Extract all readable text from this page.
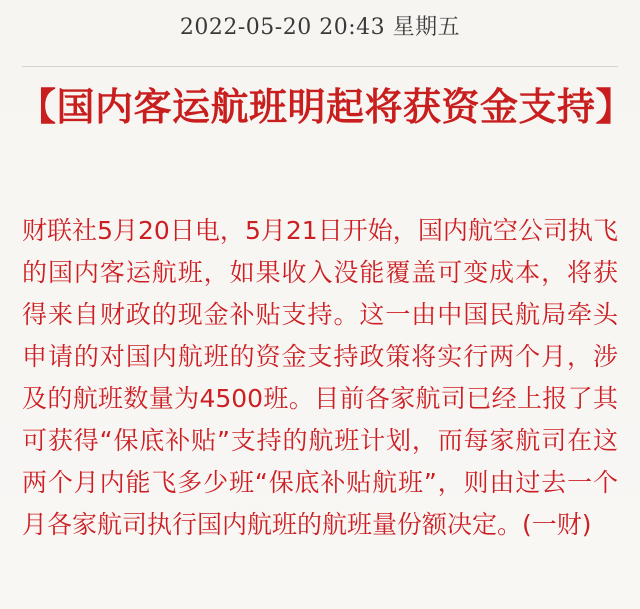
2022-05-20 20:43 星期五
【国内客运航班明起将获资金支持】
财联社5月20日电，5月21日开始，国内航空公司执飞的国内客运航班，如果收入没能覆盖可变成本，将获得来自财政的现金补贴支持。这一由中国民航局牵头申请的对国内航班的资金支持政策将实行两个月，涉及的航班数量为4500班。目前各家航司已经上报了其可获得“保底补贴”支持的航班计划，而每家航司在这两个月内能飞多少班“保底补贴航班”，则由过去一个月各家航司执行国内航班的航班量份额决定。(一财)
